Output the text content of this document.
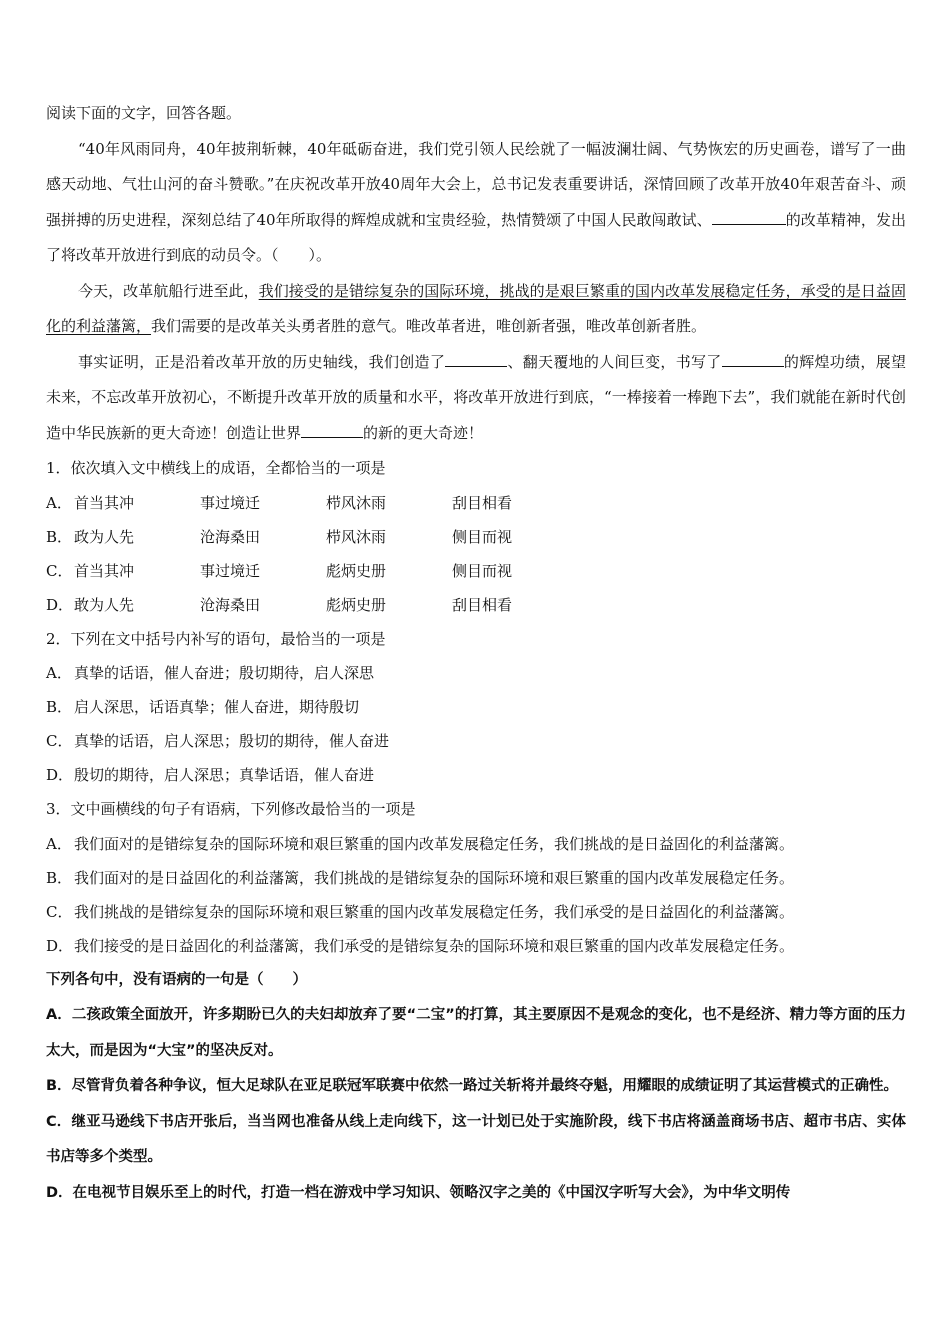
阅读下面的文字，回答各题。

“40年风雨同舟，40年披荆斩棘，40年砥砺奋进，我们党引领人民绘就了一幅波澜壮阔、气势恢宏的历史画卷，谱写了一曲感天动地、气壮山河的奋斗赞歌。”在庆祝改革开放40周年大会上，总书记发表重要讲话，深情回顾了改革开放40年艰苦奋斗、顽强拼搏的历史进程，深刻总结了40年所取得的辉煌成就和宝贵经验，热情赞颂了中国人民敢闯敢试、	的改革精神，发出了将改革开放进行到底的动员令。（　　）。

今天，改革航船行进至此，我们接受的是错综复杂的国际环境，挑战的是艰巨繁重的国内改革发展稳定任务，承受的是日益固化的利益藩篱，我们需要的是改革关头勇者胜的意气。唯改革者进，唯创新者强，唯改革创新者胜。

事实证明，正是沿着改革开放的历史轴线，我们创造了	、翻天覆地的人间巨变，书写了	的辉煌功绩，展望未来，不忘改革开放初心，不断提升改革开放的质量和水平，将改革开放进行到底，“一棒接着一棒跑下去”，我们就能在新时代创造中华民族新的更大奇迹！创造让世界	的新的更大奇迹！

1．依次填入文中横线上的成语，全都恰当的一项是

A． 首当其冲	事过境迁	栉风沐雨	刮目相看
B． 政为人先	沧海桑田	栉风沐雨	侧目而视
C． 首当其冲	事过境迁	彪炳史册	侧目而视
D． 敢为人先	沧海桑田	彪炳史册	刮目相看

2．下列在文中括号内补写的语句，最恰当的一项是

A． 真挚的话语，催人奋进；殷切期待，启人深思
B． 启人深思，话语真挚；催人奋进，期待殷切
C． 真挚的话语，启人深思；殷切的期待，催人奋进
D． 殷切的期待，启人深思；真挚话语，催人奋进

3．文中画横线的句子有语病，下列修改最恰当的一项是

A． 我们面对的是错综复杂的国际环境和艰巨繁重的国内改革发展稳定任务，我们挑战的是日益固化的利益藩篱。
B． 我们面对的是日益固化的利益藩篱，我们挑战的是错综复杂的国际环境和艰巨繁重的国内改革发展稳定任务。
C． 我们挑战的是错综复杂的国际环境和艰巨繁重的国内改革发展稳定任务，我们承受的是日益固化的利益藩篱。
D． 我们接受的是日益固化的利益藩篱，我们承受的是错综复杂的国际环境和艰巨繁重的国内改革发展稳定任务。

下列各句中，没有语病的一句是（　　）

A．二孩政策全面放开，许多期盼已久的夫妇却放弃了要“二宝”的打算，其主要原因不是观念的变化，也不是经济、精力等方面的压力太大，而是因为“大宝”的坚决反对。

B．尽管背负着各种争议，恒大足球队在亚足联冠军联赛中依然一路过关斩将并最终夺魁，用耀眼的成绩证明了其运营模式的正确性。

C．继亚马逊线下书店开张后，当当网也准备从线上走向线下，这一计划已处于实施阶段，线下书店将涵盖商场书店、超市书店、实体书店等多个类型。

D．在电视节目娱乐至上的时代，打造一档在游戏中学习知识、领略汉字之美的《中国汉字听写大会》，为中华文明传
